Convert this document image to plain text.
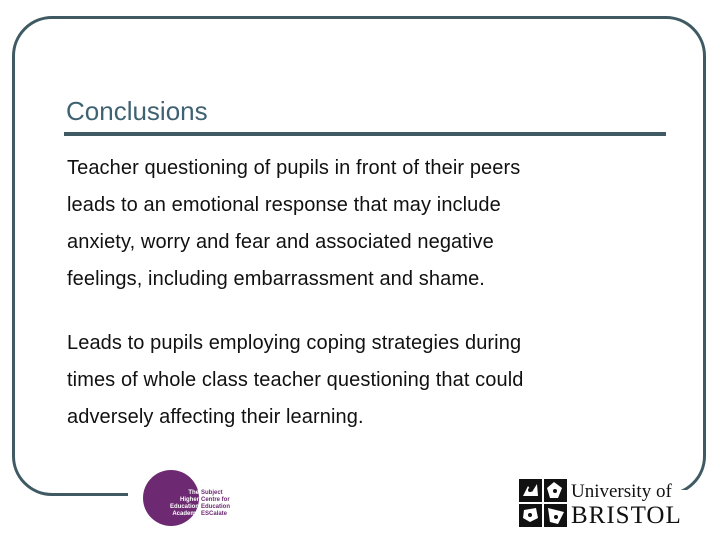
Conclusions

Teacher questioning of pupils in front of their peers
leads to an emotional response that may include
anxiety, worry and fear and associated negative
feelings, including embarrassment and shame.

Leads to pupils employing coping strategies during
times of whole class teacher questioning that could
adversely affecting their learning.

The
Higher
Education
Academy
Subject
Centre for
Education
ESCalate
University of
BRISTOL
